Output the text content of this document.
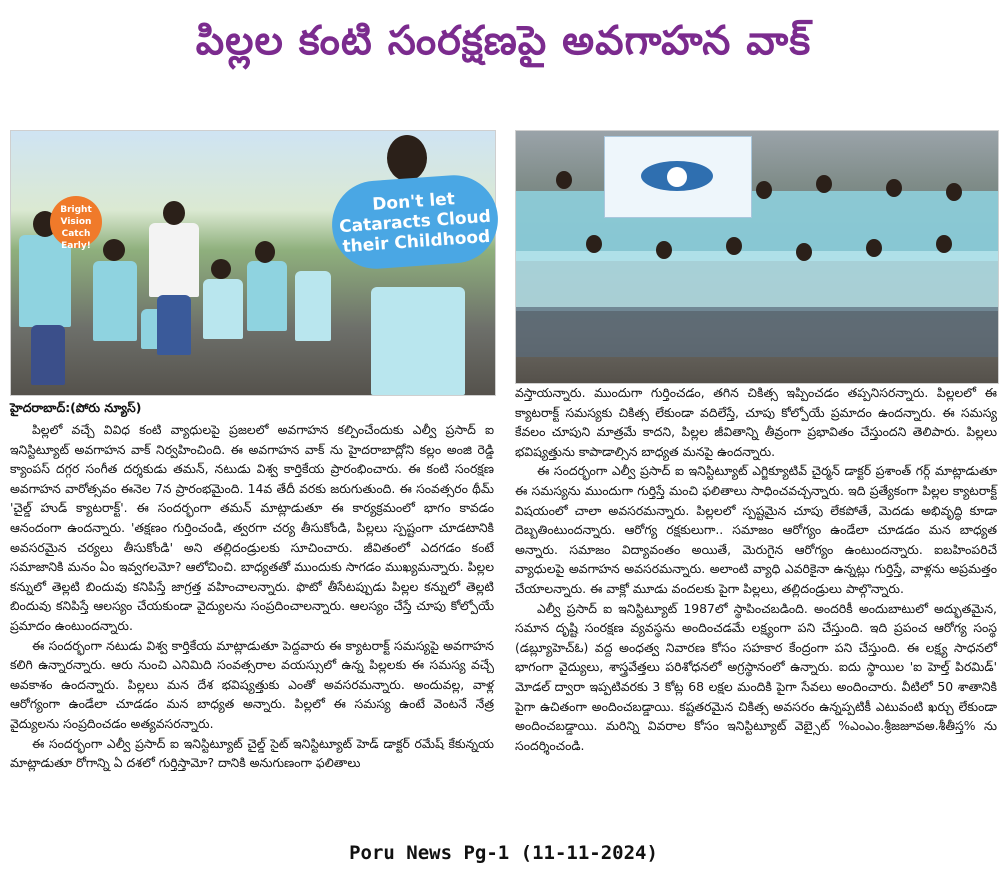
పిల్లల కంటి సంరక్షణపై అవగాహన వాక్
Bright Vision Catch Early!
Don't let Cataracts Cloud their Childhood
హైదరాబాద్:(పోరు న్యూస్)

పిల్లలో వచ్చే వివిధ కంటి వ్యాధులపై ప్రజలలో అవగాహన కల్పించేందుకు ఎల్వీ ప్రసాద్ ఐ ఇనిస్టిట్యూట్ అవగాహన వాక్ నిర్వహించింది. ఈ అవగాహన వాక్ ను హైదరాబాద్లోని కల్లం అంజి రెడ్డి క్యాంపస్ దగ్గర సంగీత దర్శకుడు తమన్, నటుడు విశ్వ కార్తికేయ ప్రారంభించారు. ఈ కంటి సంరక్షణ అవగాహన వారోత్సవం ఈనెల 7న ప్రారంభమైంది. 14వ తేదీ వరకు జరుగుతుంది. ఈ సంవత్సరం థీమ్ 'చైల్డ్ హుడ్ క్యాటరాక్ట్'. ఈ సందర్భంగా తమన్ మాట్లాడుతూ ఈ కార్యక్రమంలో భాగం కావడం ఆనందంగా ఉందన్నారు. 'తక్షణం గుర్తించండి, త్వరగా చర్య తీసుకోండి, పిల్లలు స్పష్టంగా చూడటానికి అవసరమైన చర్యలు తీసుకోండి' అని తల్లిదండ్రులకు సూచించారు. జీవితంలో ఎదగడం కంటే సమాజానికి మనం ఏం ఇవ్వగలమో? ఆలోచించి. బాధ్యతతో ముందుకు సాగడం ముఖ్యమన్నారు. పిల్లల కన్నులో తెల్లటి బిందువు కనిపిస్తే జాగ్రత్త వహించాలన్నారు. ఫొటో తీసేటప్పుడు పిల్లల కన్నులో తెల్లటి బిందువు కనిపిస్తే ఆలస్యం చేయకుండా వైద్యులను సంప్రదించాలన్నారు. ఆలస్యం చేస్తే చూపు కోల్పోయే ప్రమాదం ఉంటుందన్నారు.

ఈ సందర్భంగా నటుడు విశ్వ కార్తికేయ మాట్లాడుతూ పెద్దవారు ఈ క్యాటరాక్ట్ సమస్యపై అవగాహన కలిగి ఉన్నారన్నారు. ఆరు నుంచి ఎనిమిది సంవత్సరాల వయస్సులో ఉన్న పిల్లలకు ఈ సమస్య వచ్చే అవకాశం ఉందన్నారు. పిల్లలు మన దేశ భవిష్యత్తుకు ఎంతో అవసరమన్నారు. అందువల్ల, వాళ్ల ఆరోగ్యంగా ఉండేలా చూడడం మన బాధ్యత అన్నారు. పిల్లలో ఈ సమస్య ఉంటే వెంటనే నేత్ర వైద్యులను సంప్రదించడం అత్యవసరన్నారు.

ఈ సందర్భంగా ఎల్వీ ప్రసాద్ ఐ ఇనిస్టిట్యూట్ చైల్డ్ సైట్ ఇనిస్టిట్యూట్ హెడ్ డాక్టర్ రమేష్ కేకున్నయ మాట్లాడుతూ రోగాన్ని ఏ దశలో గుర్తిస్తామో? దానికి అనుగుణంగా ఫలితాలు

వస్తాయన్నారు. ముందుగా గుర్తించడం, తగిన చికిత్స ఇప్పించడం తప్పనిసరన్నారు. పిల్లలలో ఈ క్యాటరాక్ట్ సమస్యకు చికిత్స లేకుండా వదిలేస్తే, చూపు కోల్పోయే ప్రమాదం ఉందన్నారు. ఈ సమస్య కేవలం చూపుని మాత్రమే కాదని, పిల్లల జీవితాన్ని తీవ్రంగా ప్రభావితం చేస్తుందని తెలిపారు. పిల్లలు భవిష్యత్తును కాపాడాల్సిన బాధ్యత మనపై ఉందన్నారు.

ఈ సందర్భంగా ఎల్వీ ప్రసాద్ ఐ ఇనిస్టిట్యూట్ ఎగ్జిక్యూటివ్ చైర్మన్ డాక్టర్ ప్రశాంత్ గర్గ్ మాట్లాడుతూ ఈ సమస్యను ముందుగా గుర్తిస్తే మంచి ఫలితాలు సాధించవచ్చన్నారు. ఇది ప్రత్యేకంగా పిల్లల క్యాటరాక్ట్ విషయంలో చాలా అవసరమన్నారు. పిల్లలలో స్పష్టమైన చూపు లేకపోతే, మెదడు అభివృద్ధి కూడా దెబ్బతింటుందన్నారు. ఆరోగ్య రక్షకులుగా.. సమాజం ఆరోగ్యం ఉండేలా చూడడం మన బాధ్యత అన్నారు. సమాజం విద్యావంతం అయితే, మెరుగైన ఆరోగ్యం ఉంటుందన్నారు. ఐబహింపరిచే వ్యాధులపై అవగాహన అవసరమన్నారు. అలాంటి వ్యాధి ఎవరికైనా ఉన్నట్లు గుర్తిస్తే, వాళ్లను అప్రమత్తం చేయాలన్నారు. ఈ వాక్లో మూడు వందలకు పైగా పిల్లలు, తల్లిదండ్రులు పాల్గొన్నారు.

ఎల్వీ ప్రసాద్ ఐ ఇనిస్టిట్యూట్ 1987లో స్థాపించబడింది. అందరికీ అందుబాటులో అద్భుతమైన, సమాన దృష్టి సంరక్షణ వ్యవస్థను అందించడమే లక్ష్యంగా పని చేస్తుంది. ఇది ప్రపంచ ఆరోగ్య సంస్థ (డబ్ల్యూహెచ్ఓ) వద్ద అంధత్వ నివారణ కోసం సహకార కేంద్రంగా పని చేస్తుంది. ఈ లక్ష్య సాధనలో భాగంగా వైద్యులు, శాస్త్రవేత్తలు పరిశోధనలో అగ్రస్థానంలో ఉన్నారు. ఐదు స్థాయిల 'ఐ హెల్త్ పిరమిడ్' మోడల్ ద్వారా ఇప్పటివరకు 3 కోట్ల 68 లక్షల మందికి పైగా సేవలు అందించారు. వీటిలో 50 శాతానికి పైగా ఉచితంగా అందించబడ్డాయి. కష్టతరమైన చికిత్స అవసరం ఉన్నప్పటికీ ఎటువంటి ఖర్చు లేకుండా అందించబడ్డాయి. మరిన్ని వివరాల కోసం ఇనిస్టిట్యూట్ వెబ్సైట్ %ఎంఎం.శ్రీజజూవఅ.శీతీస్త% ను సందర్శించండి.

Poru News Pg-1 (11-11-2024)
